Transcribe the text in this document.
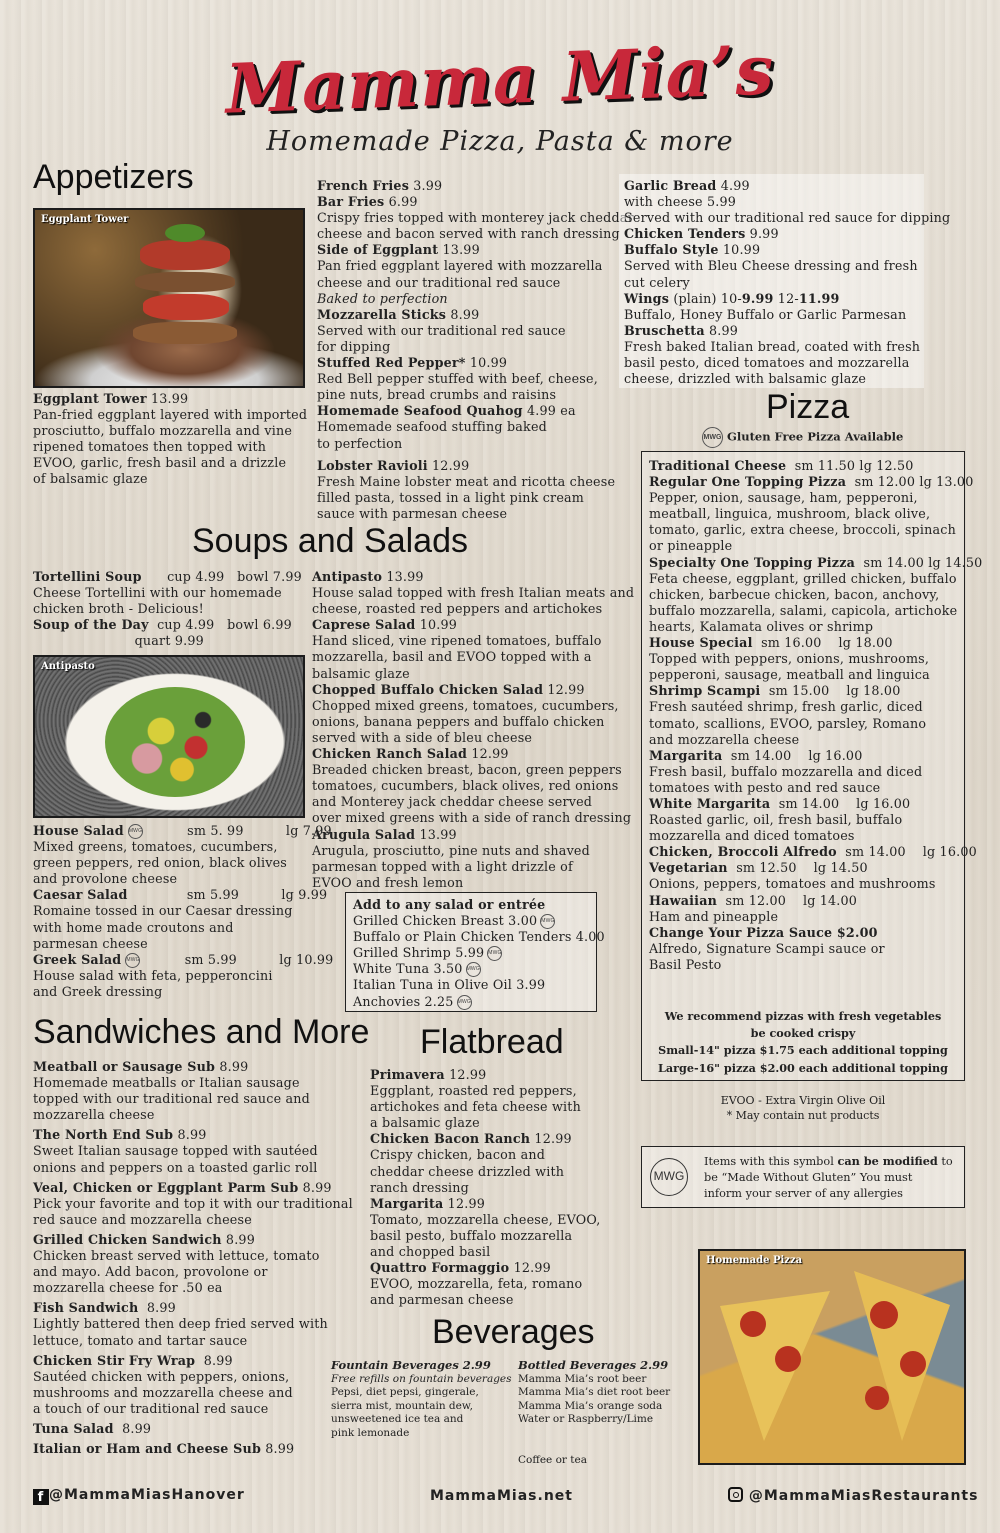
Mamma Mia’s
Homemade Pizza, Pasta & more
Appetizers
Eggplant Tower
Eggplant Tower 13.99
Pan-fried eggplant layered with imported
prosciutto, buffalo mozzarella and vine
ripened tomatoes then topped with
EVOO, garlic, fresh basil and a drizzle
of balsamic glaze
French Fries 3.99
Bar Fries 6.99
Crispy fries topped with monterey jack cheddar
cheese and bacon served with ranch dressing
Side of Eggplant 13.99
Pan fried eggplant layered with mozzarella
cheese and our traditional red sauce
Baked to perfection
Mozzarella Sticks 8.99
Served with our traditional red sauce
for dipping
Stuffed Red Pepper* 10.99
Red Bell pepper stuffed with beef, cheese,
pine nuts, bread crumbs and raisins
Homemade Seafood Quahog 4.99 ea
Homemade seafood stuffing baked
to perfection
Lobster Ravioli 12.99
Fresh Maine lobster meat and ricotta cheese
filled pasta, tossed in a light pink cream
sauce with parmesan cheese
Garlic Bread 4.99
with cheese 5.99
Served with our traditional red sauce for dipping
Chicken Tenders 9.99
Buffalo Style 10.99
Served with Bleu Cheese dressing and fresh
cut celery
Wings (plain) 10-9.99 12-11.99
Buffalo, Honey Buffalo or Garlic Parmesan
Bruschetta 8.99
Fresh baked Italian bread, coated with fresh
basil pesto, diced tomatoes and mozzarella
cheese, drizzled with balsamic glaze
Soups and Salads
Tortellini Soup      cup 4.99   bowl 7.99
Cheese Tortellini with our homemade
chicken broth - Delicious!
Soup of the Day  cup 4.99   bowl 6.99
quart 9.99
Antipasto
House Salad MWG          sm 5. 99          lg 7.99
Mixed greens, tomatoes, cucumbers,
green peppers, red onion, black olives
and provolone cheese
Caesar Salad              sm 5.99          lg 9.99
Romaine tossed in our Caesar dressing
with home made croutons and
parmesan cheese
Greek Salad MWG          sm 5.99          lg 10.99
House salad with feta, pepperoncini
and Greek dressing
Antipasto 13.99
House salad topped with fresh Italian meats and
cheese, roasted red peppers and artichokes
Caprese Salad 10.99
Hand sliced, vine ripened tomatoes, buffalo
mozzarella, basil and EVOO topped with a
balsamic glaze
Chopped Buffalo Chicken Salad 12.99
Chopped mixed greens, tomatoes, cucumbers,
onions, banana peppers and buffalo chicken
served with a side of bleu cheese
Chicken Ranch Salad 12.99
Breaded chicken breast, bacon, green peppers
tomatoes, cucumbers, black olives, red onions
and Monterey jack cheddar cheese served
over mixed greens with a side of ranch dressing
Arugula Salad 13.99
Arugula, prosciutto, pine nuts and shaved
parmesan topped with a light drizzle of
EVOO and fresh lemon
Add to any salad or entrée
Grilled Chicken Breast 3.00 MWG
Buffalo or Plain Chicken Tenders 4.00
Grilled Shrimp 5.99 MWG
White Tuna 3.50 MWG
Italian Tuna in Olive Oil 3.99
Anchovies 2.25 MWG
Pizza
MWG Gluten Free Pizza Available
Traditional Cheese  sm 11.50 lg 12.50
Regular One Topping Pizza  sm 12.00 lg 13.00
Pepper, onion, sausage, ham, pepperoni,
meatball, linguica, mushroom, black olive,
tomato, garlic, extra cheese, broccoli, spinach
or pineapple
Specialty One Topping Pizza  sm 14.00 lg 14.50
Feta cheese, eggplant, grilled chicken, buffalo
chicken, barbecue chicken, bacon, anchovy,
buffalo mozzarella, salami, capicola, artichoke
hearts, Kalamata olives or shrimp
House Special  sm 16.00    lg 18.00
Topped with peppers, onions, mushrooms,
pepperoni, sausage, meatball and linguica
Shrimp Scampi  sm 15.00    lg 18.00
Fresh sautéed shrimp, fresh garlic, diced
tomato, scallions, EVOO, parsley, Romano
and mozzarella cheese
Margarita  sm 14.00    lg 16.00
Fresh basil, buffalo mozzarella and diced
tomatoes with pesto and red sauce
White Margarita  sm 14.00    lg 16.00
Roasted garlic, oil, fresh basil, buffalo
mozzarella and diced tomatoes
Chicken, Broccoli Alfredo  sm 14.00    lg 16.00
Vegetarian  sm 12.50    lg 14.50
Onions, peppers, tomatoes and mushrooms
Hawaiian  sm 12.00    lg 14.00
Ham and pineapple
Change Your Pizza Sauce $2.00
Alfredo, Signature Scampi sauce or
Basil Pesto
We recommend pizzas with fresh vegetables
be cooked crispy
Small-14" pizza $1.75 each additional topping
Large-16" pizza $2.00 each additional topping
EVOO - Extra Virgin Olive Oil
* May contain nut products
MWG
Items with this symbol can be modified to
be “Made Without Gluten” You must
inform your server of any allergies
Homemade Pizza
Sandwiches and More
Meatball or Sausage Sub 8.99
Homemade meatballs or Italian sausage
topped with our traditional red sauce and
mozzarella cheese
The North End Sub 8.99
Sweet Italian sausage topped with sautéed
onions and peppers on a toasted garlic roll
Veal, Chicken or Eggplant Parm Sub 8.99
Pick your favorite and top it with our traditional
red sauce and mozzarella cheese
Grilled Chicken Sandwich 8.99
Chicken breast served with lettuce, tomato
and mayo. Add bacon, provolone or
mozzarella cheese for .50 ea
Fish Sandwich  8.99
Lightly battered then deep fried served with
lettuce, tomato and tartar sauce
Chicken Stir Fry Wrap  8.99
Sautéed chicken with peppers, onions,
mushrooms and mozzarella cheese and
a touch of our traditional red sauce
Tuna Salad  8.99
Italian or Ham and Cheese Sub 8.99
Flatbread
Primavera 12.99
Eggplant, roasted red peppers,
artichokes and feta cheese with
a balsamic glaze
Chicken Bacon Ranch 12.99
Crispy chicken, bacon and
cheddar cheese drizzled with
ranch dressing
Margarita 12.99
Tomato, mozzarella cheese, EVOO,
basil pesto, buffalo mozzarella
and chopped basil
Quattro Formaggio 12.99
EVOO, mozzarella, feta, romano
and parmesan cheese
Beverages
Fountain Beverages 2.99
Free refills on fountain beverages
Pepsi, diet pepsi, gingerale,
sierra mist, mountain dew,
unsweetened ice tea and
pink lemonade
Bottled Beverages 2.99
Mamma Mia’s root beer
Mamma Mia’s diet root beer
Mamma Mia’s orange soda
Water or Raspberry/Lime
Coffee or tea
f @MammaMiasHanover	MammaMias.net	@MammaMiasRestaurants
